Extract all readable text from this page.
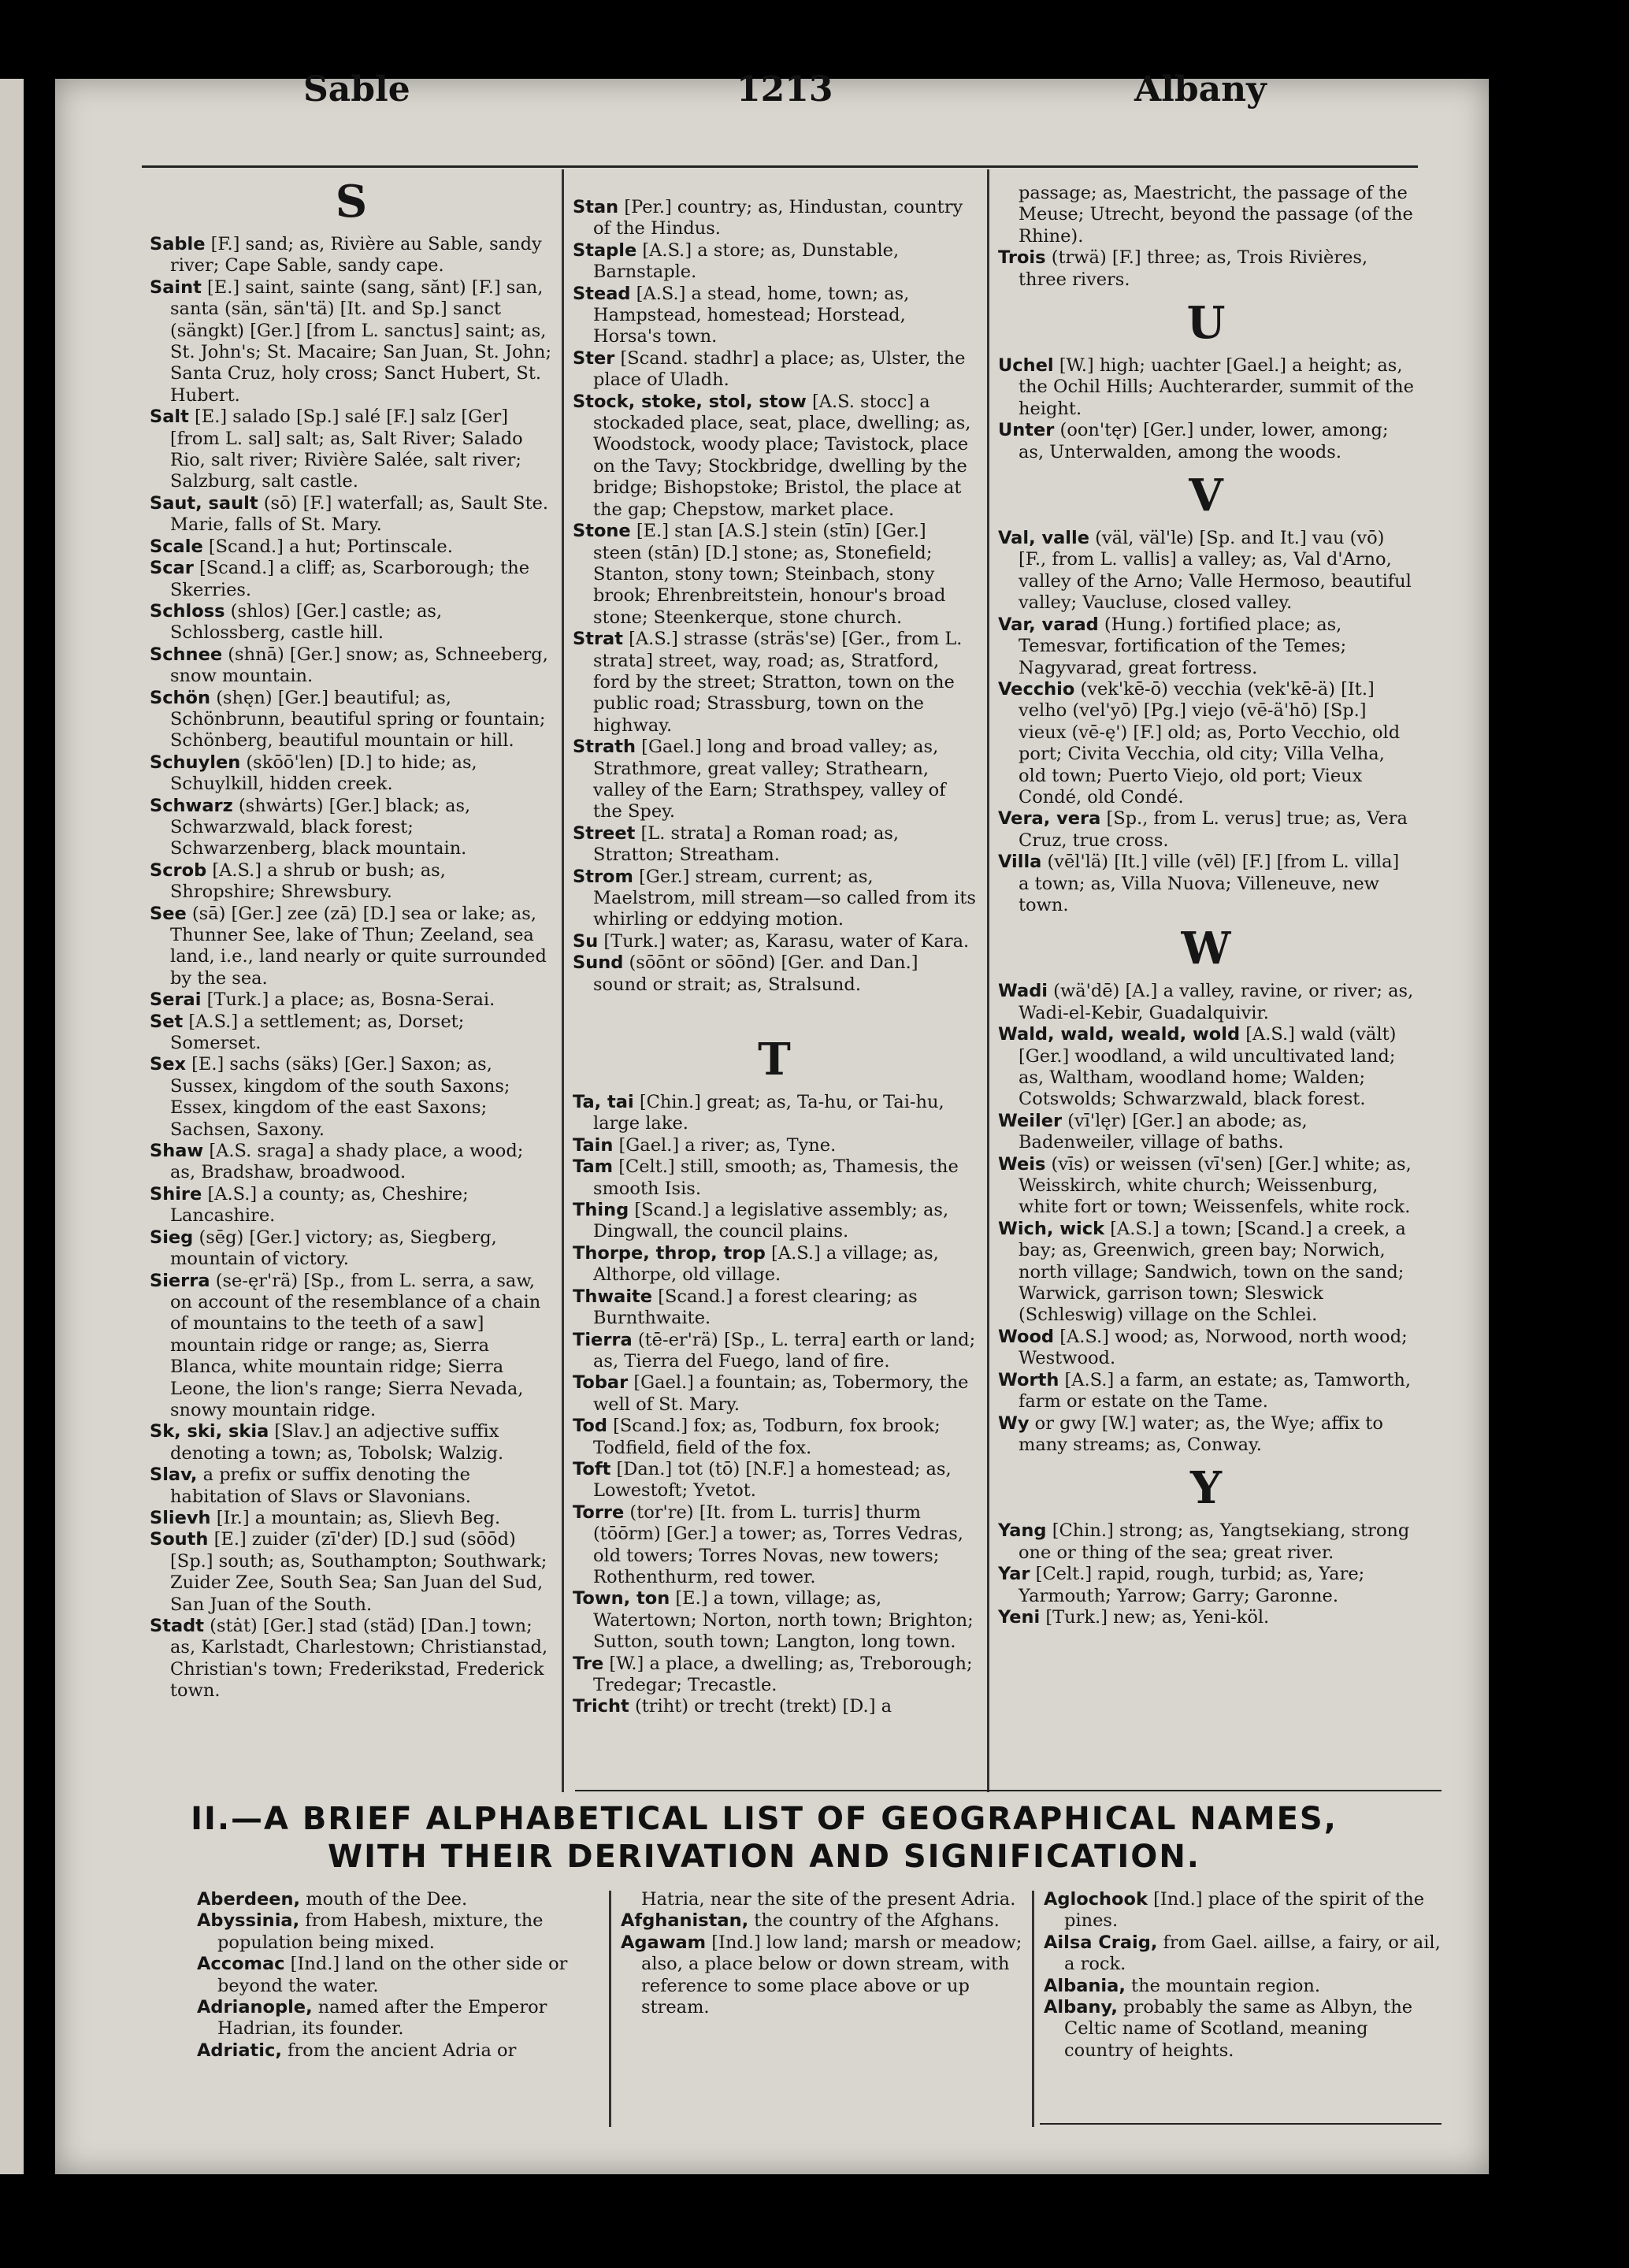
Sable	1213	Albany
S

Sable [F.] sand; as, Rivière au Sable, sandy river; Cape Sable, sandy cape.

Saint [E.] saint, sainte (sang, sănt) [F.] san, santa (sän, sän'tä) [It. and Sp.] sanct (sängkt) [Ger.] [from L. sanctus] saint; as, St. John's; St. Macaire; San Juan, St. John; Santa Cruz, holy cross; Sanct Hubert, St. Hubert.

Salt [E.] salado [Sp.] salé [F.] salz [Ger] [from L. sal] salt; as, Salt River; Salado Rio, salt river; Rivière Salée, salt river; Salzburg, salt castle.

Saut, sault (sō) [F.] waterfall; as, Sault Ste. Marie, falls of St. Mary.

Scale [Scand.] a hut; Portinscale.

Scar [Scand.] a cliff; as, Scarborough; the Skerries.

Schloss (shlos) [Ger.] castle; as, Schlossberg, castle hill.

Schnee (shnā) [Ger.] snow; as, Schneeberg, snow mountain.

Schön (shęn) [Ger.] beautiful; as, Schönbrunn, beautiful spring or fountain; Schönberg, beautiful mountain or hill.

Schuylen (skōō'len) [D.] to hide; as, Schuylkill, hidden creek.

Schwarz (shwȧrts) [Ger.] black; as, Schwarzwald, black forest; Schwarzenberg, black mountain.

Scrob [A.S.] a shrub or bush; as, Shropshire; Shrewsbury.

See (sā) [Ger.] zee (zā) [D.] sea or lake; as, Thunner See, lake of Thun; Zeeland, sea land, i.e., land nearly or quite surrounded by the sea.

Serai [Turk.] a place; as, Bosna-Serai.

Set [A.S.] a settlement; as, Dorset; Somerset.

Sex [E.] sachs (säks) [Ger.] Saxon; as, Sussex, kingdom of the south Saxons; Essex, kingdom of the east Saxons; Sachsen, Saxony.

Shaw [A.S. sraga] a shady place, a wood; as, Bradshaw, broadwood.

Shire [A.S.] a county; as, Cheshire; Lancashire.

Sieg (sēg) [Ger.] victory; as, Siegberg, mountain of victory.

Sierra (se-ęr'rä) [Sp., from L. serra, a saw, on account of the resemblance of a chain of mountains to the teeth of a saw] mountain ridge or range; as, Sierra Blanca, white mountain ridge; Sierra Leone, the lion's range; Sierra Nevada, snowy mountain ridge.

Sk, ski, skia [Slav.] an adjective suffix denoting a town; as, Tobolsk; Walzig.

Slav, a prefix or suffix denoting the habitation of Slavs or Slavonians.

Slievh [Ir.] a mountain; as, Slievh Beg.

South [E.] zuider (zī'der) [D.] sud (sōōd) [Sp.] south; as, Southampton; Southwark; Zuider Zee, South Sea; San Juan del Sud, San Juan of the South.

Stadt (stȧt) [Ger.] stad (städ) [Dan.] town; as, Karlstadt, Charlestown; Christianstad, Christian's town; Frederikstad, Frederick town.

Stan [Per.] country; as, Hindustan, country of the Hindus.

Staple [A.S.] a store; as, Dunstable, Barnstaple.

Stead [A.S.] a stead, home, town; as, Hampstead, homestead; Horstead, Horsa's town.

Ster [Scand. stadhr] a place; as, Ulster, the place of Uladh.

Stock, stoke, stol, stow [A.S. stocc] a stockaded place, seat, place, dwelling; as, Woodstock, woody place; Tavistock, place on the Tavy; Stockbridge, dwelling by the bridge; Bishopstoke; Bristol, the place at the gap; Chepstow, market place.

Stone [E.] stan [A.S.] stein (stīn) [Ger.] steen (stān) [D.] stone; as, Stonefield; Stanton, stony town; Steinbach, stony brook; Ehrenbreitstein, honour's broad stone; Steenkerque, stone church.

Strat [A.S.] strasse (sträs'se) [Ger., from L. strata] street, way, road; as, Stratford, ford by the street; Stratton, town on the public road; Strassburg, town on the highway.

Strath [Gael.] long and broad valley; as, Strathmore, great valley; Strathearn, valley of the Earn; Strathspey, valley of the Spey.

Street [L. strata] a Roman road; as, Stratton; Streatham.

Strom [Ger.] stream, current; as, Maelstrom, mill stream—so called from its whirling or eddying motion.

Su [Turk.] water; as, Karasu, water of Kara.

Sund (sōōnt or sōōnd) [Ger. and Dan.] sound or strait; as, Stralsund.

T

Ta, tai [Chin.] great; as, Ta-hu, or Tai-hu, large lake.

Tain [Gael.] a river; as, Tyne.

Tam [Celt.] still, smooth; as, Thamesis, the smooth Isis.

Thing [Scand.] a legislative assembly; as, Dingwall, the council plains.

Thorpe, throp, trop [A.S.] a village; as, Althorpe, old village.

Thwaite [Scand.] a forest clearing; as Burnthwaite.

Tierra (tē-er'rä) [Sp., L. terra] earth or land; as, Tierra del Fuego, land of fire.

Tobar [Gael.] a fountain; as, Tobermory, the well of St. Mary.

Tod [Scand.] fox; as, Todburn, fox brook; Todfield, field of the fox.

Toft [Dan.] tot (tō) [N.F.] a homestead; as, Lowestoft; Yvetot.

Torre (tor're) [It. from L. turris] thurm (tōōrm) [Ger.] a tower; as, Torres Vedras, old towers; Torres Novas, new towers; Rothenthurm, red tower.

Town, ton [E.] a town, village; as, Watertown; Norton, north town; Brighton; Sutton, south town; Langton, long town.

Tre [W.] a place, a dwelling; as, Treborough; Tredegar; Trecastle.

Tricht (triht) or trecht (trekt) [D.] a

passage; as, Maestricht, the passage of the Meuse; Utrecht, beyond the passage (of the Rhine).

Trois (trwä) [F.] three; as, Trois Rivières, three rivers.

U

Uchel [W.] high; uachter [Gael.] a height; as, the Ochil Hills; Auchterarder, summit of the height.

Unter (oon'tęr) [Ger.] under, lower, among; as, Unterwalden, among the woods.

V

Val, valle (väl, väl'le) [Sp. and It.] vau (vō) [F., from L. vallis] a valley; as, Val d'Arno, valley of the Arno; Valle Hermoso, beautiful valley; Vaucluse, closed valley.

Var, varad (Hung.) fortified place; as, Temesvar, fortification of the Temes; Nagyvarad, great fortress.

Vecchio (vek'kē-ō) vecchia (vek'kē-ä) [It.] velho (vel'yō) [Pg.] viejo (vē-ä'hō) [Sp.] vieux (vē-ę') [F.] old; as, Porto Vecchio, old port; Civita Vecchia, old city; Villa Velha, old town; Puerto Viejo, old port; Vieux Condé, old Condé.

Vera, vera [Sp., from L. verus] true; as, Vera Cruz, true cross.

Villa (vēl'lä) [It.] ville (vēl) [F.] [from L. villa] a town; as, Villa Nuova; Villeneuve, new town.

W

Wadi (wä'dē) [A.] a valley, ravine, or river; as, Wadi-el-Kebir, Guadalquivir.

Wald, wald, weald, wold [A.S.] wald (vält) [Ger.] woodland, a wild uncultivated land; as, Waltham, woodland home; Walden; Cotswolds; Schwarzwald, black forest.

Weiler (vī'lęr) [Ger.] an abode; as, Badenweiler, village of baths.

Weis (vīs) or weissen (vī'sen) [Ger.] white; as, Weisskirch, white church; Weissenburg, white fort or town; Weissenfels, white rock.

Wich, wick [A.S.] a town; [Scand.] a creek, a bay; as, Greenwich, green bay; Norwich, north village; Sandwich, town on the sand; Warwick, garrison town; Sleswick (Schleswig) village on the Schlei.

Wood [A.S.] wood; as, Norwood, north wood; Westwood.

Worth [A.S.] a farm, an estate; as, Tamworth, farm or estate on the Tame.

Wy or gwy [W.] water; as, the Wye; affix to many streams; as, Conway.

Y

Yang [Chin.] strong; as, Yangtsekiang, strong one or thing of the sea; great river.

Yar [Celt.] rapid, rough, turbid; as, Yare; Yarmouth; Yarrow; Garry; Garonne.

Yeni [Turk.] new; as, Yeni-köl.

II.—A BRIEF ALPHABETICAL LIST OF GEOGRAPHICAL NAMES,
WITH THEIR DERIVATION AND SIGNIFICATION.

Aberdeen, mouth of the Dee.

Abyssinia, from Habesh, mixture, the population being mixed.

Accomac [Ind.] land on the other side or beyond the water.

Adrianople, named after the Emperor Hadrian, its founder.

Adriatic, from the ancient Adria or

Hatria, near the site of the present Adria.

Afghanistan, the country of the Afghans.

Agawam [Ind.] low land; marsh or meadow; also, a place below or down stream, with reference to some place above or up stream.

Aglochook [Ind.] place of the spirit of the pines.

Ailsa Craig, from Gael. aillse, a fairy, or ail, a rock.

Albania, the mountain region.

Albany, probably the same as Albyn, the Celtic name of Scotland, meaning country of heights.
